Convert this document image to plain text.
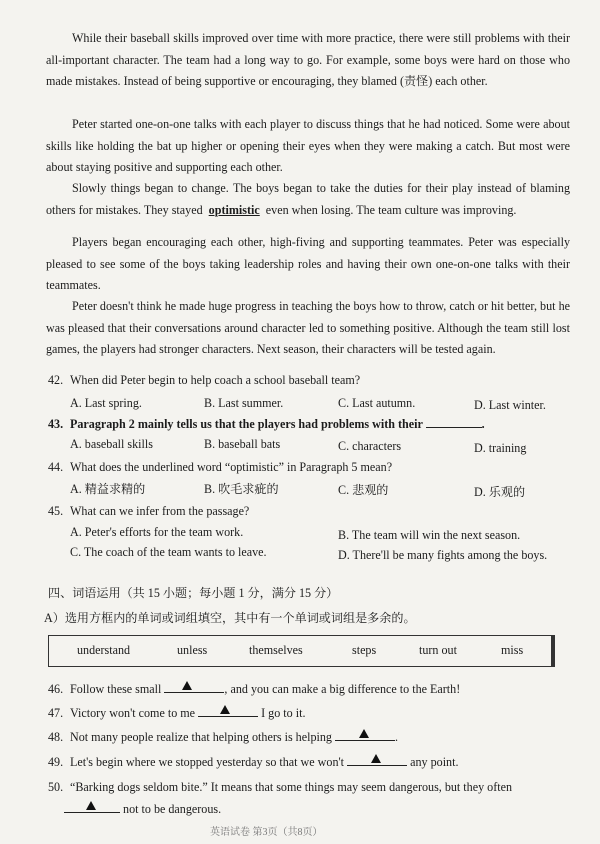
While their baseball skills improved over time with more practice, there were still problems with their all-important character. The team had a long way to go. For example, some boys were hard on those who made mistakes. Instead of being supportive or encouraging, they blamed (责怪) each other.
Peter started one-on-one talks with each player to discuss things that he had noticed. Some were about skills like holding the bat up higher or opening their eyes when they were making a catch. But most were about staying positive and supporting each other.
Slowly things began to change. The boys began to take the duties for their play instead of blaming others for mistakes. They stayed optimistic even when losing. The team culture was improving.
Players began encouraging each other, high-fiving and supporting teammates. Peter was especially pleased to see some of the boys taking leadership roles and having their own one-on-one talks with their teammates.
Peter doesn't think he made huge progress in teaching the boys how to throw, catch or hit better, but he was pleased that their conversations around character led to something positive. Although the team still lost games, the players had stronger characters. Next season, their characters will be tested again.
42. When did Peter begin to help coach a school baseball team?
A. Last spring.	B. Last summer.	C. Last autumn.	D. Last winter.
43. Paragraph 2 mainly tells us that the players had problems with their	.
A. baseball skills	B. baseball bats	C. characters	D. training
44. What does the underlined word “optimistic” in Paragraph 5 mean?
A. 精益求精的	B. 吹毛求疵的	C. 悲观的	D. 乐观的
45. What can we infer from the passage?
A. Peter's efforts for the team work.	B. The team will win the next season.
C. The coach of the team wants to leave.	D. There'll be many fights among the boys.
四、词语运用（共 15 小题；每小题 1 分，满分 15 分）
A）选用方框内的单词或词组填空，其中有一个单词或词组是多余的。
understand	unless	themselves	steps	turn out	miss
46. Follow these small	, and you can make a big difference to the Earth!
47. Victory won't come to me	I go to it.
48. Not many people realize that helping others is helping	.
49. Let's begin where we stopped yesterday so that we won't	any point.
50. “Barking dogs seldom bite.” It means that some things may seem dangerous, but they often
not to be dangerous.
英语试卷 第3页（共8页）
